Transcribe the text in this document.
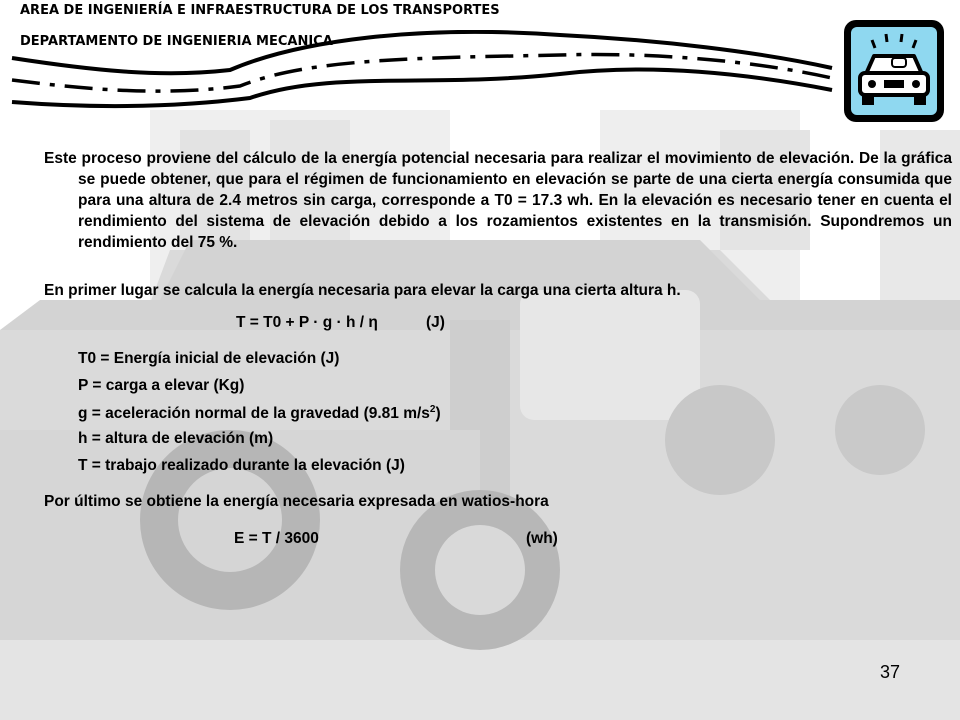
AREA DE INGENIERÍA E INFRAESTRUCTURA DE LOS TRANSPORTES
DEPARTAMENTO DE INGENIERIA MECANICA

Este proceso proviene del cálculo de la energía potencial necesaria para realizar el movimiento de elevación. De la gráfica se puede obtener, que para el régimen de funcionamiento en elevación se parte de una cierta energía consumida que para una altura de 2.4 metros sin carga, corresponde a T0 = 17.3 wh. En la elevación es necesario tener en cuenta el rendimiento del sistema de elevación debido a los rozamientos existentes en la transmisión. Supondremos un rendimiento del 75 %.

En primer lugar se calcula la energía necesaria para elevar la carga una cierta altura h.
T = T0 + P · g · h / η	(J)
T0 = Energía inicial de elevación (J)
P = carga a elevar (Kg)
g = aceleración normal de la gravedad (9.81 $m/s^2$)
h = altura de elevación (m)
T = trabajo realizado durante la elevación (J)
Por último se obtiene la energía necesaria expresada en watios-hora
E = T / 3600	(wh)
37
